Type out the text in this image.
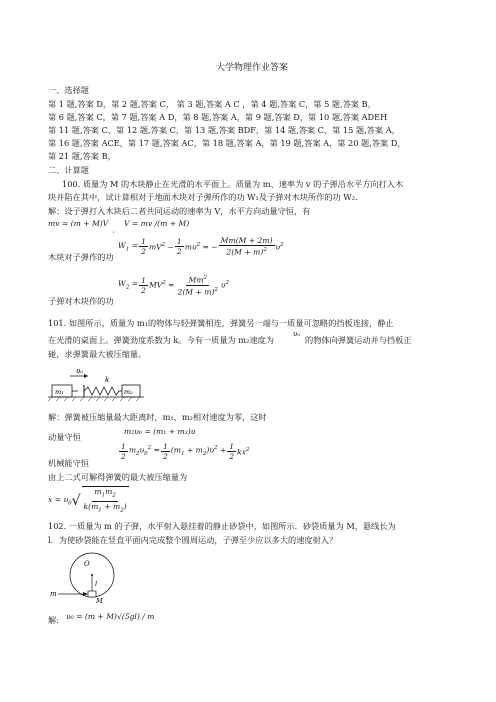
大学物理作业答案
一、选择题
第 1 题,答案 D，第 2 题,答案 C， 第 3 题,答案 A C ，第 4 题,答案 C，第 5 题,答案 B，
第 6 题,答案 C，第 7 题,答案 A D，第 8 题,答案 A，第 9 题,答案 D，第 10 题,答案 ADEH
第 11 题,答案 C，第 12 题,答案 C，第 13 题,答案 BDF，第 14 题,答案 C，第 15 题,答案 A，
第 16 题,答案 ACE，第 17 题,答案 AC，第 18 题,答案 A，第 19 题,答案 A，第 20 题,答案 D，
第 21 题,答案 B，
二、计算题
100. 质量为 M 的木块静止在光滑的水平面上。质量为 m、速率为 v 的子弹沿水平方向打入木
块并陷在其中，试计算相对于地面木块对子弹所作的功 W₁及子弹对木块所作的功 W₂.
解：设子弹打入木块后二者共同运动的速率为 V，水平方向动量守恒，有
mv = (m + M)V V = mv /(m + M)
,
$W_1 = \frac{1}{2} mV^2 - \frac{1}{2} m\upsilon^2$ = − $\frac{Mm(M + 2m)}{2(M + m)^2} \upsilon^2$
木块对子弹作的功
$W_2 = \frac{1}{2} MV^2 = \frac{Mm^2}{2(M + m)^2} \upsilon^2$
子弹对木块作的功
101. 如图所示，质量为 m₁的物体与轻弹簧相连，弹簧另一端与一质量可忽略的挡板连接，静止
在光滑的桌面上。弹簧劲度系数为 k。今有一质量为 m₂速度为
υ₀
的物体向弹簧运动并与挡板正
碰，求弹簧最大被压缩量。
υ₀
k
m₁	m₂
解：弹簧被压缩量最大距离时，m₁、m₂相对速度为零，这时
m₂υ₀ = (m₁ + m₂)υ
动量守恒
$\frac{1}{2} m_2\upsilon_0^2 = \frac{1}{2} (m_1 + m_2)\upsilon^2 + \frac{1}{2} kx^2$
机械能守恒
由上二式可解得弹簧的最大被压缩量为
$x = \upsilon_0$ √ $\frac{m_1m_2}{k(m_1 + m_2)}$
102. 一质量为 m 的子弹，水平射入悬挂着的静止砂袋中，如图所示．砂袋质量为 M，悬线长为
l．为使砂袋能在竖直平面内完成整个圆周运动，子弹至少应以多大的速度射入？
O
l
m
M
解: υ₀ = (m + M)√(5gl) / m
